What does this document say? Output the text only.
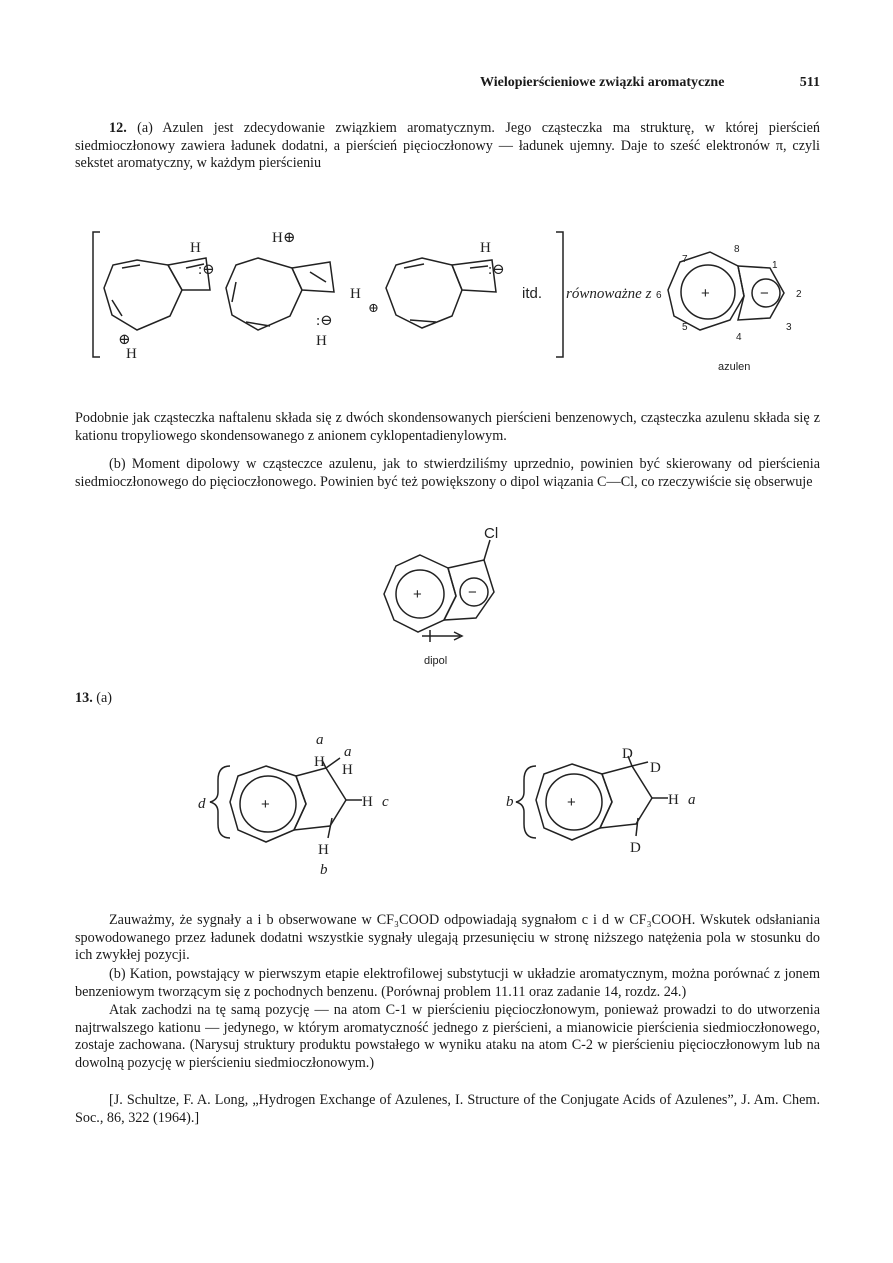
Wielopierścieniowe związki aromatyczne	511
12. (a) Azulen jest zdecydowanie związkiem aromatycznym. Jego cząsteczka ma strukturę, w której pierścień siedmioczłonowy zawiera ładunek dodatni, a pierścień pięcioczłonowy — ładunek ujemny. Daje to sześć elektronów π, czyli sekstet aromatyczny, w każdym pierścieniu
H
:⊖
⊕
H
H⊕
H
:⊖
H
H
:⊖
⊕
itd. równoważne z	+	−
8
7
1
2
3
4
5
6
azulen
Podobnie jak cząsteczka naftalenu składa się z dwóch skondensowanych pierścieni benzenowych, cząsteczka azulenu składa się z kationu tropyliowego skondensowanego z anionem cyklopentadienylowym.
(b) Moment dipolowy w cząsteczce azulenu, jak to stwierdziliśmy uprzednio, powinien być skierowany od pierścienia siedmioczłonowego do pięcioczłonowego. Powinien być też powiększony o dipol wiązania C—Cl, co rzeczywiście się obserwuje
Cl
+	−
dipol
13. (a)
a
H
a
H
H c
H
b
d	+
D
D
H a
D
b	+
Zauważmy, że sygnały a i b obserwowane w CF₃COOD odpowiadają sygnałom c i d w CF₃COOH. Wskutek odsłaniania spowodowanego przez ładunek dodatni wszystkie sygnały ulegają przesunięciu w stronę niższego natężenia pola w stosunku do ich zwykłej pozycji.
(b) Kation, powstający w pierwszym etapie elektrofilowej substytucji w układzie aromatycznym, można porównać z jonem benzeniowym tworzącym się z pochodnych benzenu. (Porównaj problem 11.11 oraz zadanie 14, rozdz. 24.)
Atak zachodzi na tę samą pozycję — na atom C-1 w pierścieniu pięcioczłonowym, ponieważ prowadzi to do utworzenia najtrwalszego kationu — jedynego, w którym aromatyczność jednego z pierścieni, a mianowicie pierścienia siedmioczłonowego, zostaje zachowana. (Narysuj struktury produktu powstałego w wyniku ataku na atom C-2 w pierścieniu pięcioczłonowym lub na dowolną pozycję w pierścieniu siedmioczłonowym.)
[J. Schultze, F. A. Long, „Hydrogen Exchange of Azulenes, I. Structure of the Conjugate Acids of Azulenes”, J. Am. Chem. Soc., 86, 322 (1964).]
